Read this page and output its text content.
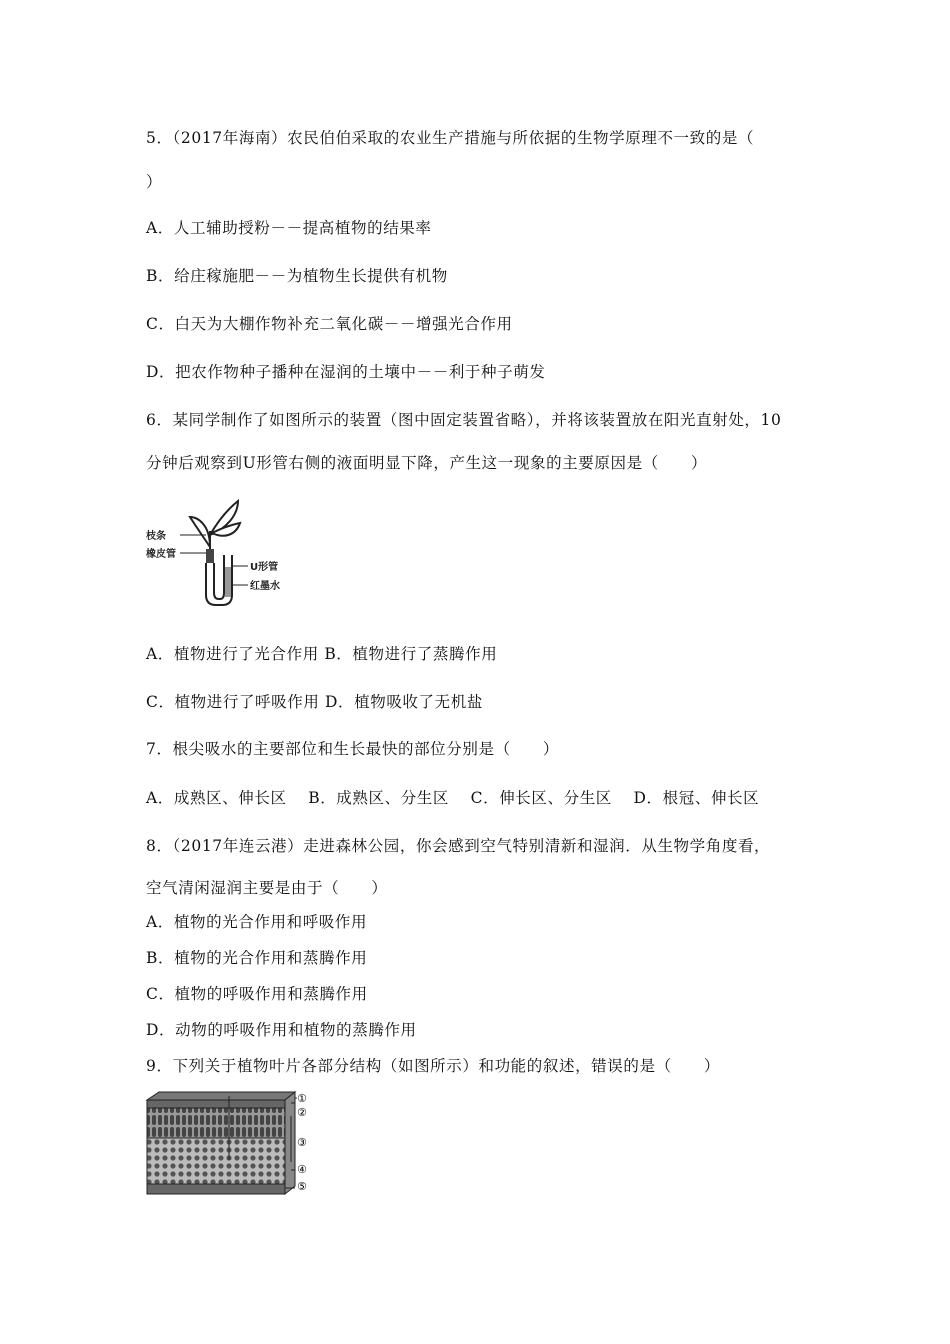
5．（2017年海南）农民伯伯采取的农业生产措施与所依据的生物学原理不一致的是（
）
A．人工辅助授粉－－提高植物的结果率
B．给庄稼施肥－－为植物生长提供有机物
C．白天为大棚作物补充二氧化碳－－增强光合作用
D．把农作物种子播种在湿润的土壤中－－利于种子萌发
6．某同学制作了如图所示的装置（图中固定装置省略），并将该装置放在阳光直射处，10
分钟后观察到U形管右侧的液面明显下降，产生这一现象的主要原因是（　　）
枝条
橡皮管
U形管
红墨水
A．植物进行了光合作用 B．植物进行了蒸腾作用
C．植物进行了呼吸作用 D．植物吸收了无机盐
7．根尖吸水的主要部位和生长最快的部位分别是（　　）
A．成熟区、伸长区　 B．成熟区、分生区　 C．伸长区、分生区　 D．根冠、伸长区
8．（2017年连云港）走进森林公园，你会感到空气特别清新和湿润．从生物学角度看，
空气清闲湿润主要是由于（　　）
A．植物的光合作用和呼吸作用
B．植物的光合作用和蒸腾作用
C．植物的呼吸作用和蒸腾作用
D．动物的呼吸作用和植物的蒸腾作用
9．下列关于植物叶片各部分结构（如图所示）和功能的叙述，错误的是（　　）
①
②
③
④
⑤
